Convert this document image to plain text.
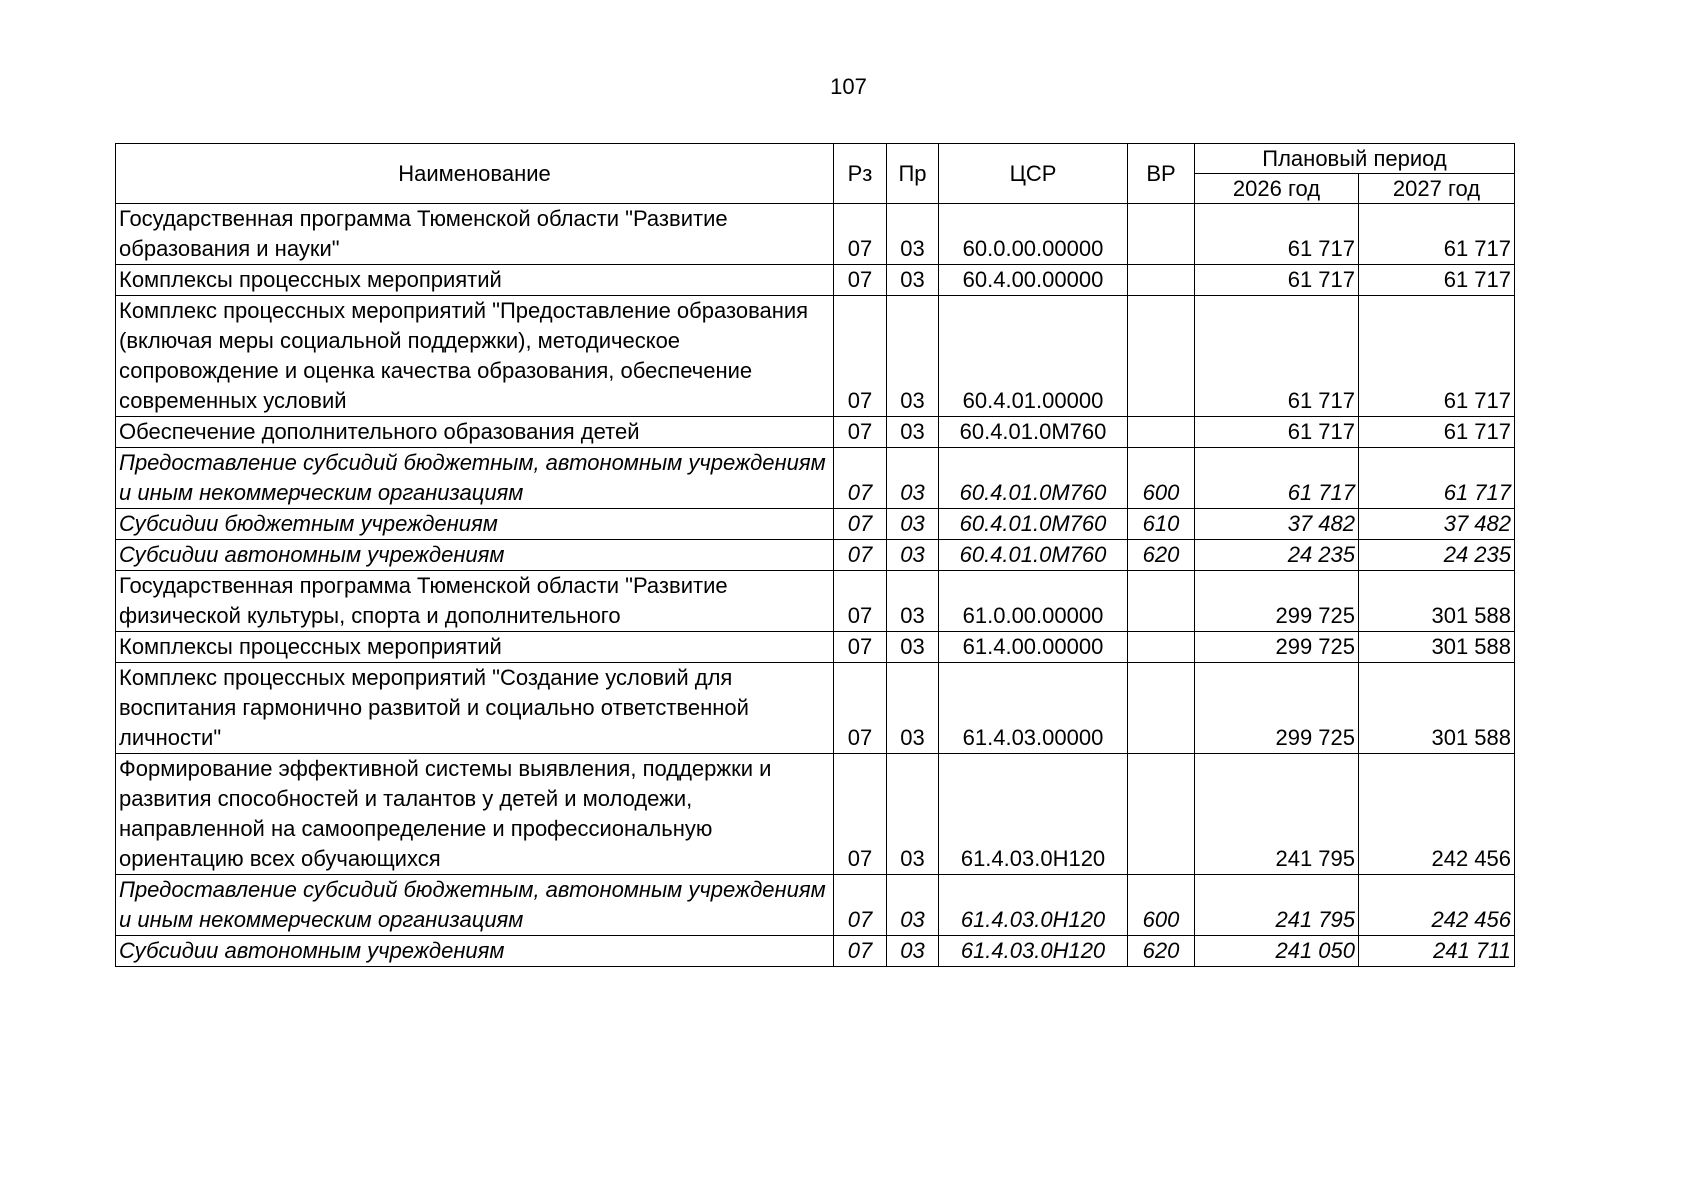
107
Наименование	Рз	Пр	ЦСР	ВР	Плановый период	
					2026 год	2027 год
Государственная программа Тюменской области "Развитие образования и науки"	07	03	60.0.00.00000		61 717	61 717
Комплексы процессных мероприятий	07	03	60.4.00.00000		61 717	61 717
Комплекс процессных мероприятий "Предоставление образования (включая меры социальной поддержки), методическое сопровождение и оценка качества образования, обеспечение современных условий	07	03	60.4.01.00000		61 717	61 717
Обеспечение дополнительного образования детей	07	03	60.4.01.0М760		61 717	61 717
Предоставление субсидий бюджетным, автономным учреждениям и иным некоммерческим организациям	07	03	60.4.01.0М760	600	61 717	61 717
Субсидии бюджетным учреждениям	07	03	60.4.01.0М760	610	37 482	37 482
Субсидии автономным учреждениям	07	03	60.4.01.0М760	620	24 235	24 235
Государственная программа Тюменской области "Развитие физической культуры, спорта и дополнительного	07	03	61.0.00.00000		299 725	301 588
Комплексы процессных мероприятий	07	03	61.4.00.00000		299 725	301 588
Комплекс процессных мероприятий "Создание условий для воспитания гармонично развитой и социально ответственной личности"	07	03	61.4.03.00000		299 725	301 588
Формирование эффективной системы выявления, поддержки и развития способностей и талантов у детей и молодежи, направленной на самоопределение и профессиональную ориентацию всех обучающихся	07	03	61.4.03.0Н120		241 795	242 456
Предоставление субсидий бюджетным, автономным учреждениям и иным некоммерческим организациям	07	03	61.4.03.0Н120	600	241 795	242 456
Субсидии автономным учреждениям	07	03	61.4.03.0Н120	620	241 050	241 711
